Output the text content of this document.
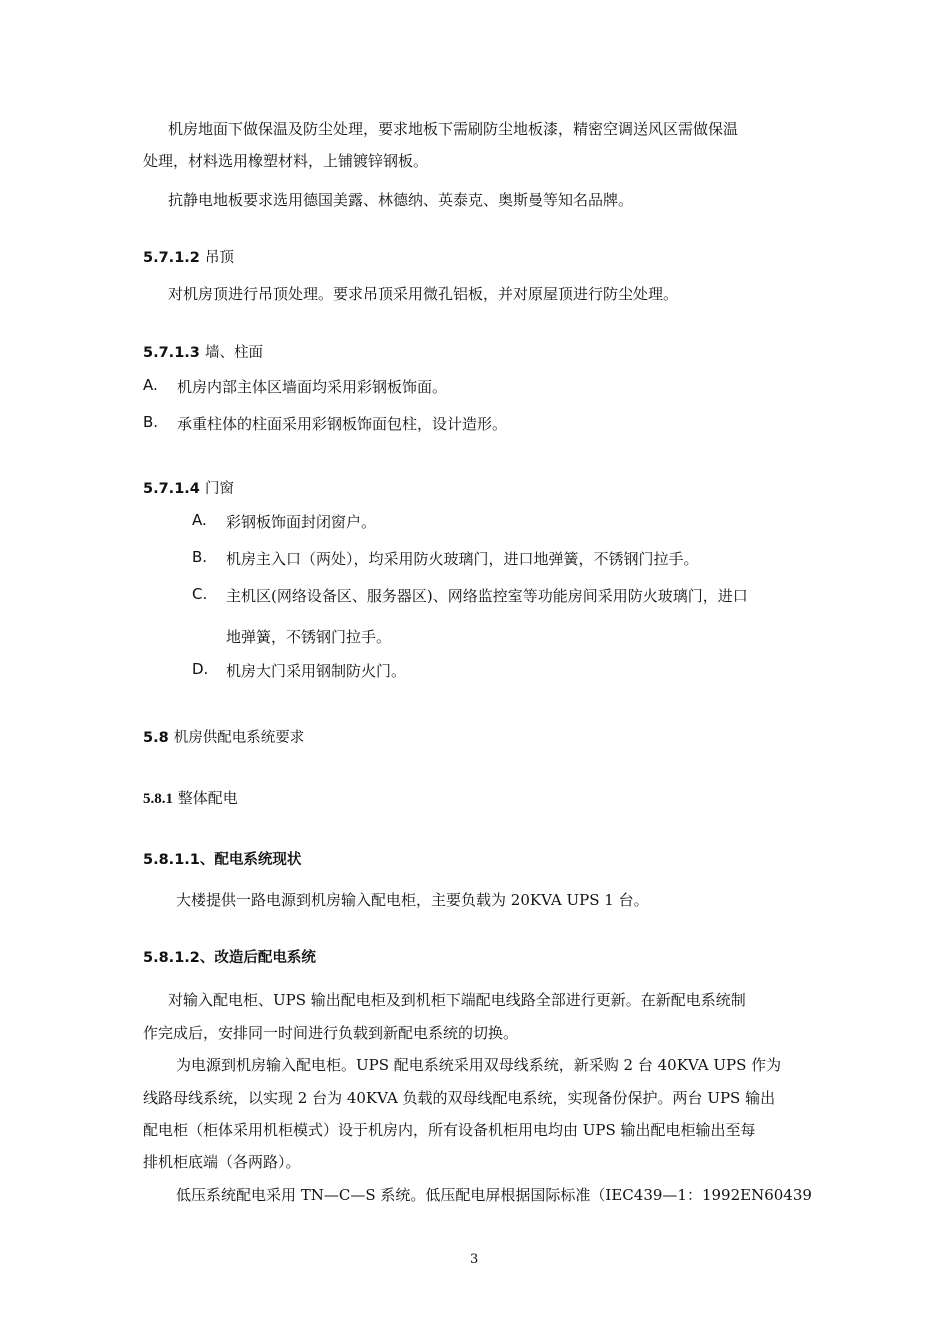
机房地面下做保温及防尘处理，要求地板下需刷防尘地板漆，精密空调送风区需做保温
处理，材料选用橡塑材料，上铺镀锌钢板。
抗静电地板要求选用德国美露、林德纳、英泰克、奥斯曼等知名品牌。
5.7.1.2 吊顶
对机房顶进行吊顶处理。要求吊顶采用微孔铝板，并对原屋顶进行防尘处理。
5.7.1.3 墙、柱面
A. 机房内部主体区墙面均采用彩钢板饰面。
B. 承重柱体的柱面采用彩钢板饰面包柱，设计造形。
5.7.1.4 门窗
A. 彩钢板饰面封闭窗户。
B. 机房主入口（两处），均采用防火玻璃门，进口地弹簧，不锈钢门拉手。
C. 主机区(网络设备区、服务器区)、网络监控室等功能房间采用防火玻璃门，进口
地弹簧，不锈钢门拉手。
D. 机房大门采用钢制防火门。
5.8 机房供配电系统要求
5.8.1 整体配电
5.8.1.1、配电系统现状
大楼提供一路电源到机房输入配电柜，主要负载为 20KVA UPS 1 台。
5.8.1.2、改造后配电系统
对输入配电柜、UPS 输出配电柜及到机柜下端配电线路全部进行更新。在新配电系统制
作完成后，安排同一时间进行负载到新配电系统的切换。
为电源到机房输入配电柜。UPS 配电系统采用双母线系统，新采购 2 台 40KVA UPS 作为
线路母线系统，以实现 2 台为 40KVA 负载的双母线配电系统，实现备份保护。两台 UPS 输出
配电柜（柜体采用机柜模式）设于机房内，所有设备机柜用电均由 UPS 输出配电柜输出至每
排机柜底端（各两路）。
低压系统配电采用 TN—C—S 系统。低压配电屏根据国际标准（IEC439—1：1992EN60439
3
